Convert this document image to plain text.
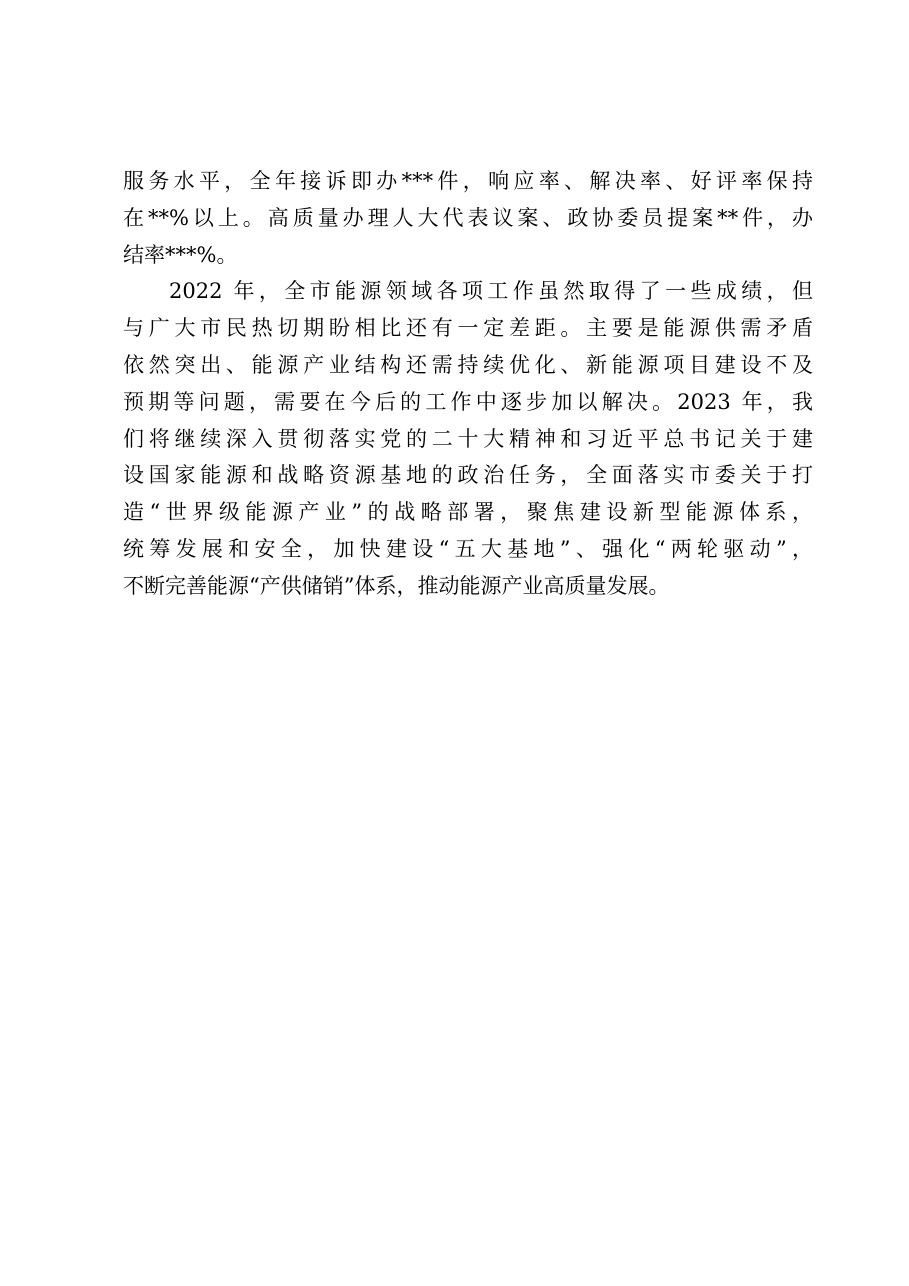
服务水平，全年接诉即办***件，响应率、解决率、好评率保持
在**%以上。高质量办理人大代表议案、政协委员提案**件，办
结率***%。
2022 年，全市能源领域各项工作虽然取得了一些成绩，但
与广大市民热切期盼相比还有一定差距。主要是能源供需矛盾
依然突出、能源产业结构还需持续优化、新能源项目建设不及
预期等问题，需要在今后的工作中逐步加以解决。2023 年，我
们将继续深入贯彻落实党的二十大精神和习近平总书记关于建
设国家能源和战略资源基地的政治任务，全面落实市委关于打
造“世界级能源产业”的战略部署，聚焦建设新型能源体系，
统筹发展和安全，加快建设“五大基地”、强化“两轮驱动”，
不断完善能源“产供储销”体系，推动能源产业高质量发展。
